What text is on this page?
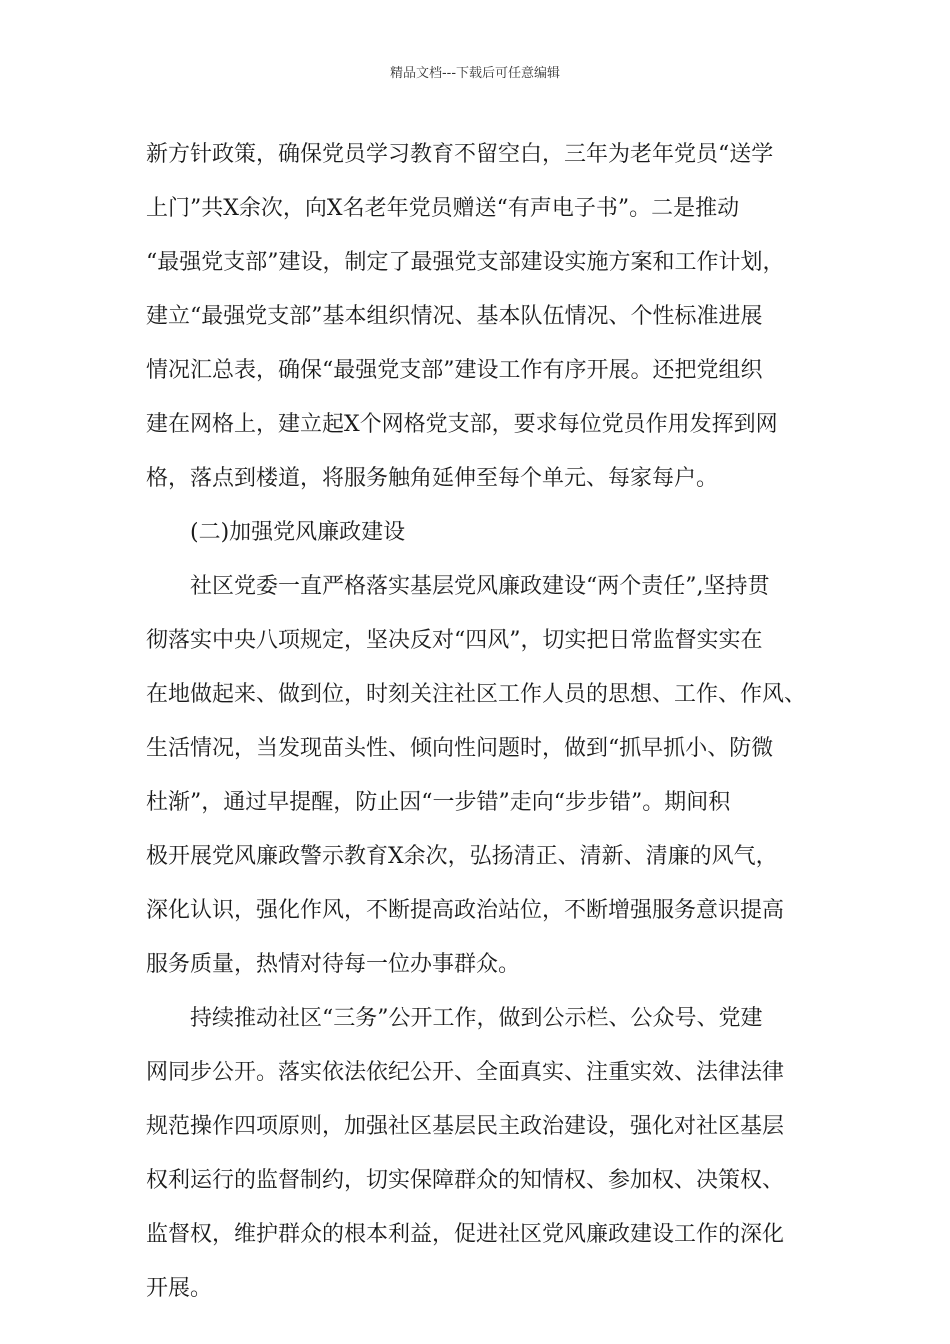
精品文档---下载后可任意编辑
新方针政策，确保党员学习教育不留空白，三年为老年党员“送学
上门”共X余次，向X名老年党员赠送“有声电子书”。二是推动
“最强党支部”建设，制定了最强党支部建设实施方案和工作计划，
建立“最强党支部”基本组织情况、基本队伍情况、个性标准进展
情况汇总表，确保“最强党支部”建设工作有序开展。还把党组织
建在网格上，建立起X个网格党支部，要求每位党员作用发挥到网
格，落点到楼道，将服务触角延伸至每个单元、每家每户。
(二)加强党风廉政建设
社区党委一直严格落实基层党风廉政建设“两个责任”,坚持贯
彻落实中央八项规定，坚决反对“四风”，切实把日常监督实实在
在地做起来、做到位，时刻关注社区工作人员的思想、工作、作风、
生活情况，当发现苗头性、倾向性问题时，做到“抓早抓小、防微
杜渐”，通过早提醒，防止因“一步错”走向“步步错”。期间积
极开展党风廉政警示教育X余次，弘扬清正、清新、清廉的风气，
深化认识，强化作风，不断提高政治站位，不断增强服务意识提高
服务质量，热情对待每一位办事群众。
持续推动社区“三务”公开工作，做到公示栏、公众号、党建
网同步公开。落实依法依纪公开、全面真实、注重实效、法律法律
规范操作四项原则，加强社区基层民主政治建设，强化对社区基层
权利运行的监督制约，切实保障群众的知情权、参加权、决策权、
监督权，维护群众的根本利益，促进社区党风廉政建设工作的深化
开展。
